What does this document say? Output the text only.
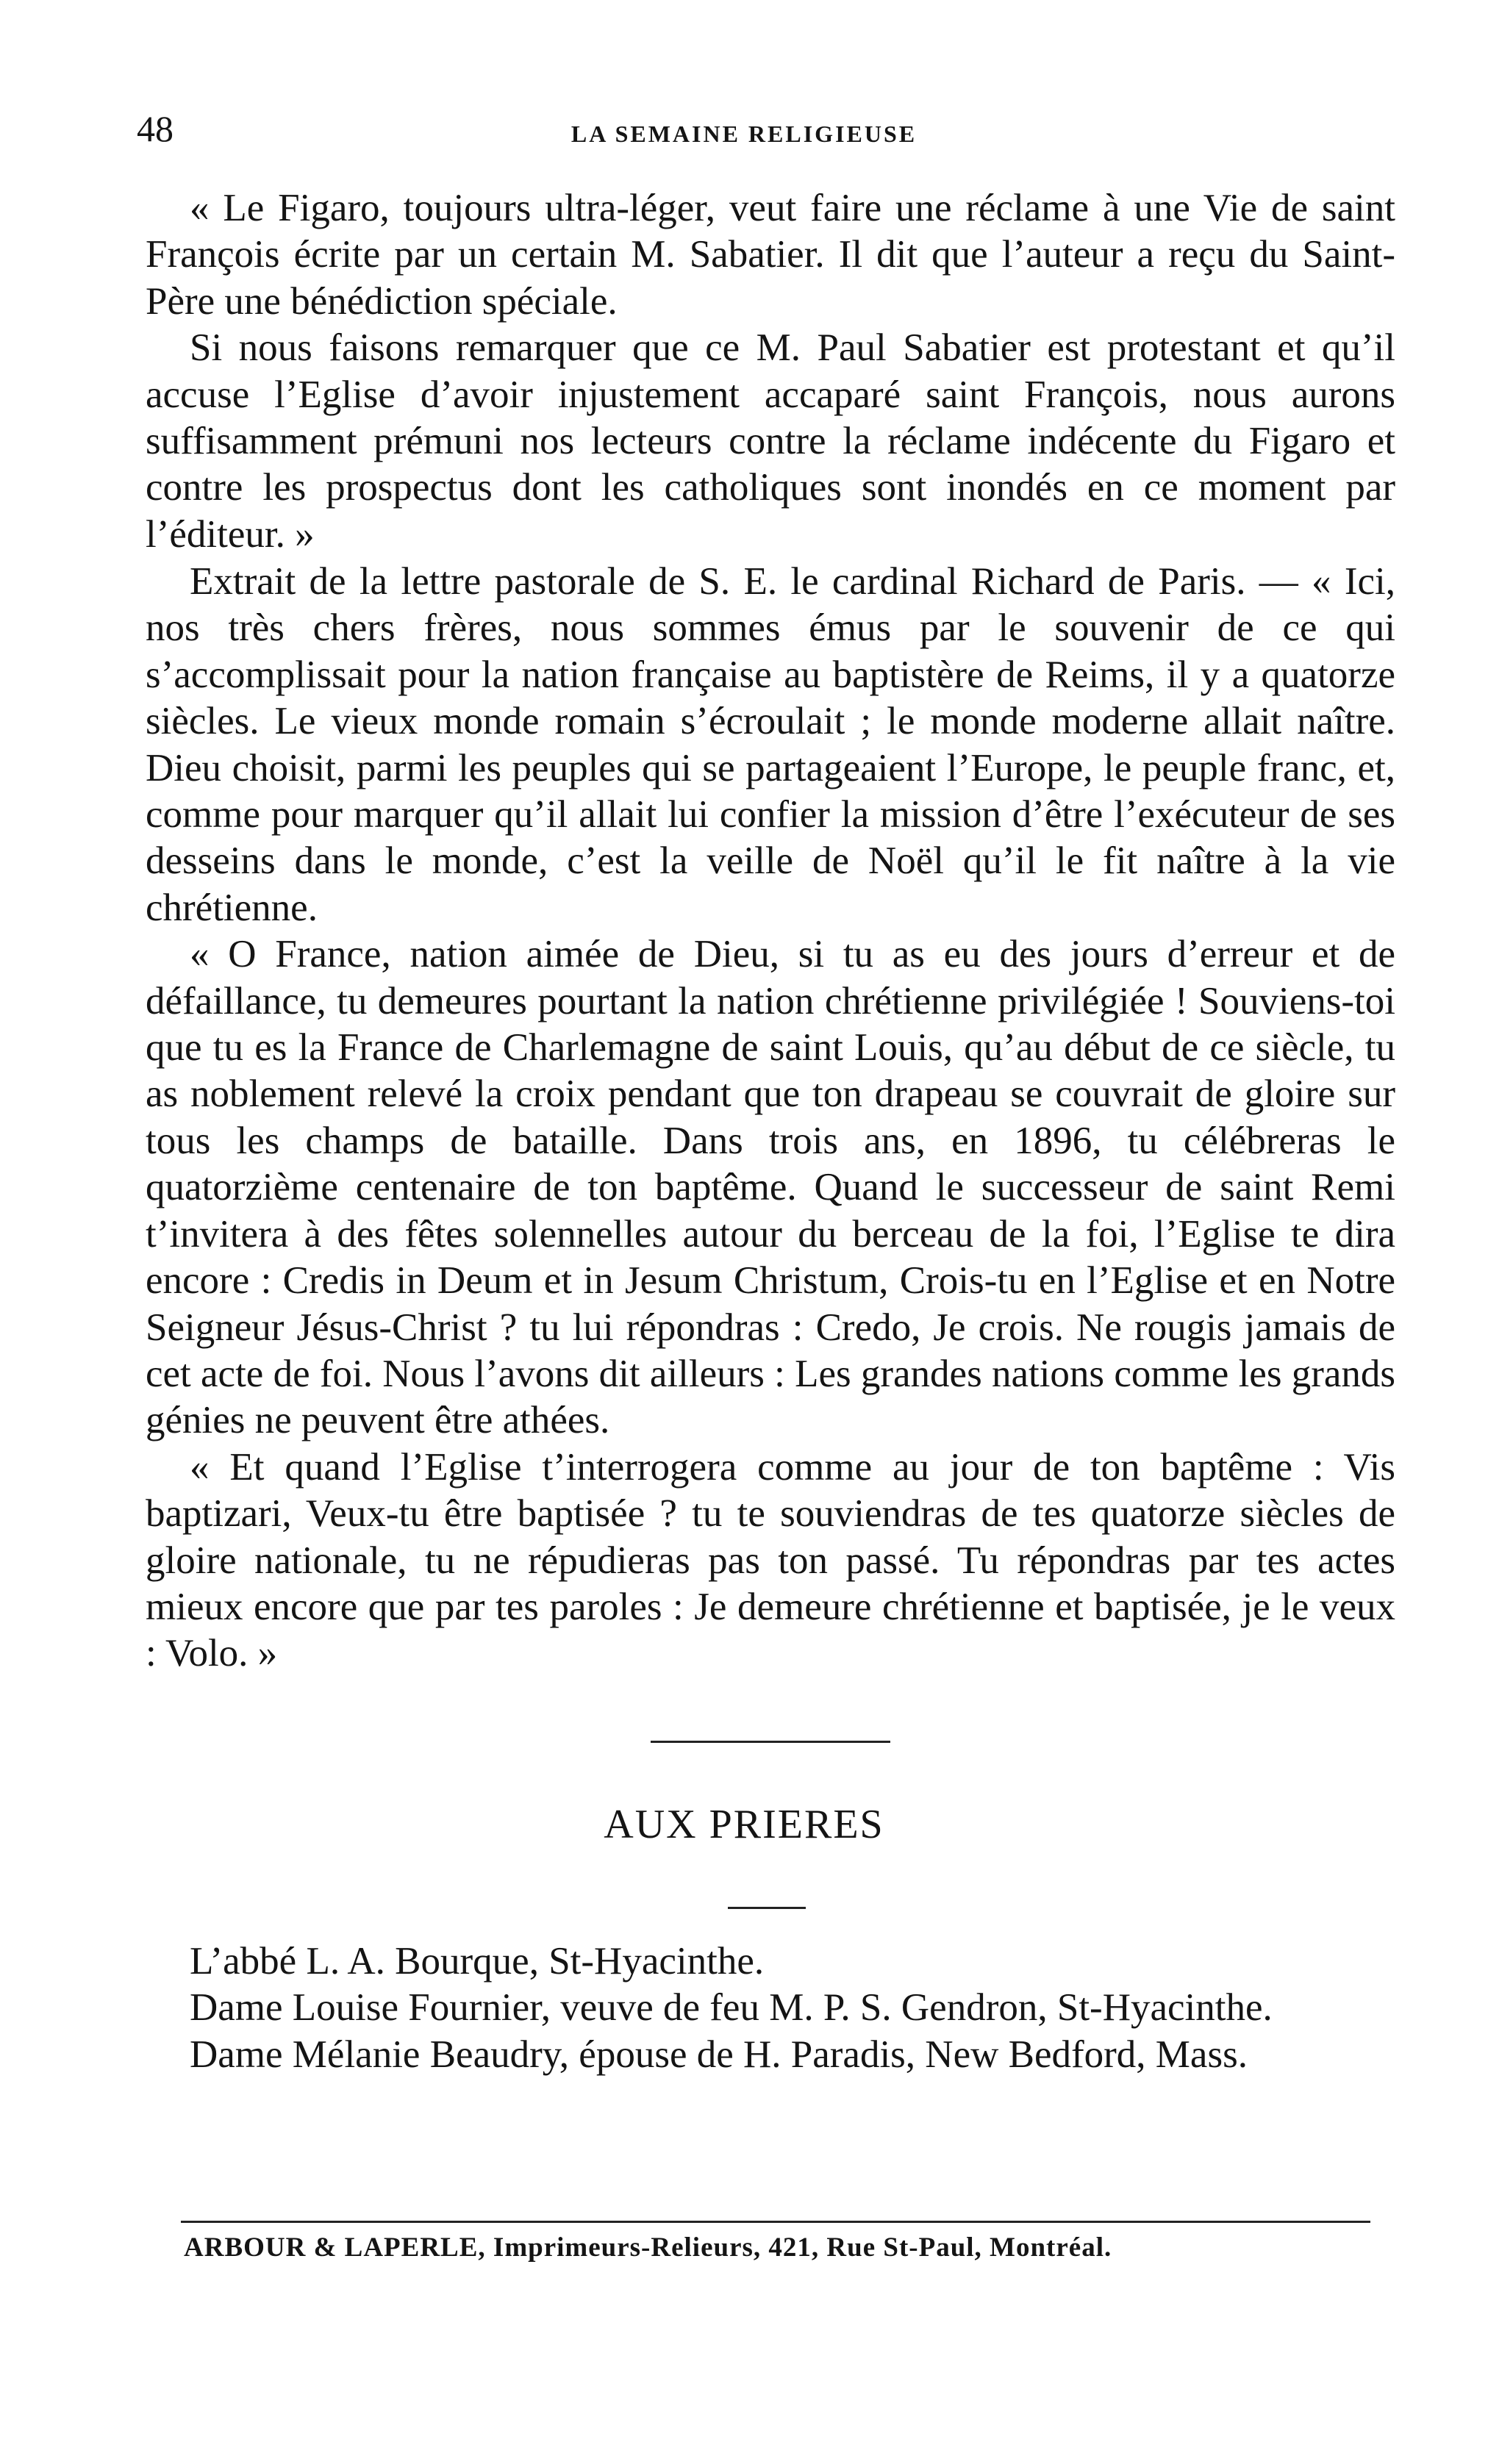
48	LA SEMAINE RELIGIEUSE

« Le Figaro, toujours ultra-léger, veut faire une réclame à une Vie de saint François écrite par un certain M. Sabatier. Il dit que l’auteur a reçu du Saint-Père une bénédiction spéciale.

Si nous faisons remarquer que ce M. Paul Sabatier est protestant et qu’il accuse l’Eglise d’avoir injustement accaparé saint François, nous aurons suffisamment prémuni nos lecteurs contre la réclame indécente du Figaro et contre les prospectus dont les catholiques sont inondés en ce moment par l’éditeur. »

Extrait de la lettre pastorale de S. E. le cardinal Richard de Paris. — « Ici, nos très chers frères, nous sommes émus par le souvenir de ce qui s’accomplissait pour la nation française au baptistère de Reims, il y a quatorze siècles. Le vieux monde romain s’écroulait ; le monde moderne allait naître. Dieu choisit, parmi les peuples qui se partageaient l’Europe, le peuple franc, et, comme pour marquer qu’il allait lui confier la mission d’être l’exécuteur de ses desseins dans le monde, c’est la veille de Noël qu’il le fit naître à la vie chrétienne.

« O France, nation aimée de Dieu, si tu as eu des jours d’erreur et de défaillance, tu demeures pourtant la nation chrétienne privilégiée ! Souviens-toi que tu es la France de Charlemagne de saint Louis, qu’au début de ce siècle, tu as noblement relevé la croix pendant que ton drapeau se couvrait de gloire sur tous les champs de bataille. Dans trois ans, en 1896, tu célébreras le quatorzième centenaire de ton baptême. Quand le successeur de saint Remi t’invitera à des fêtes solennelles autour du berceau de la foi, l’Eglise te dira encore : Credis in Deum et in Jesum Christum, Crois-tu en l’Eglise et en Notre Seigneur Jésus-Christ ? tu lui répondras : Credo, Je crois. Ne rougis jamais de cet acte de foi. Nous l’avons dit ailleurs : Les grandes nations comme les grands génies ne peuvent être athées.

« Et quand l’Eglise t’interrogera comme au jour de ton baptême : Vis baptizari, Veux-tu être baptisée ? tu te souviendras de tes quatorze siècles de gloire nationale, tu ne répudieras pas ton passé. Tu répondras par tes actes mieux encore que par tes paroles : Je demeure chrétienne et baptisée, je le veux : Volo. »

AUX PRIERES

L’abbé L. A. Bourque, St-Hyacinthe.

Dame Louise Fournier, veuve de feu M. P. S. Gendron, St-Hyacinthe.

Dame Mélanie Beaudry, épouse de H. Paradis, New Bedford, Mass.

ARBOUR & LAPERLE, Imprimeurs-Relieurs, 421, Rue St-Paul, Montréal.
